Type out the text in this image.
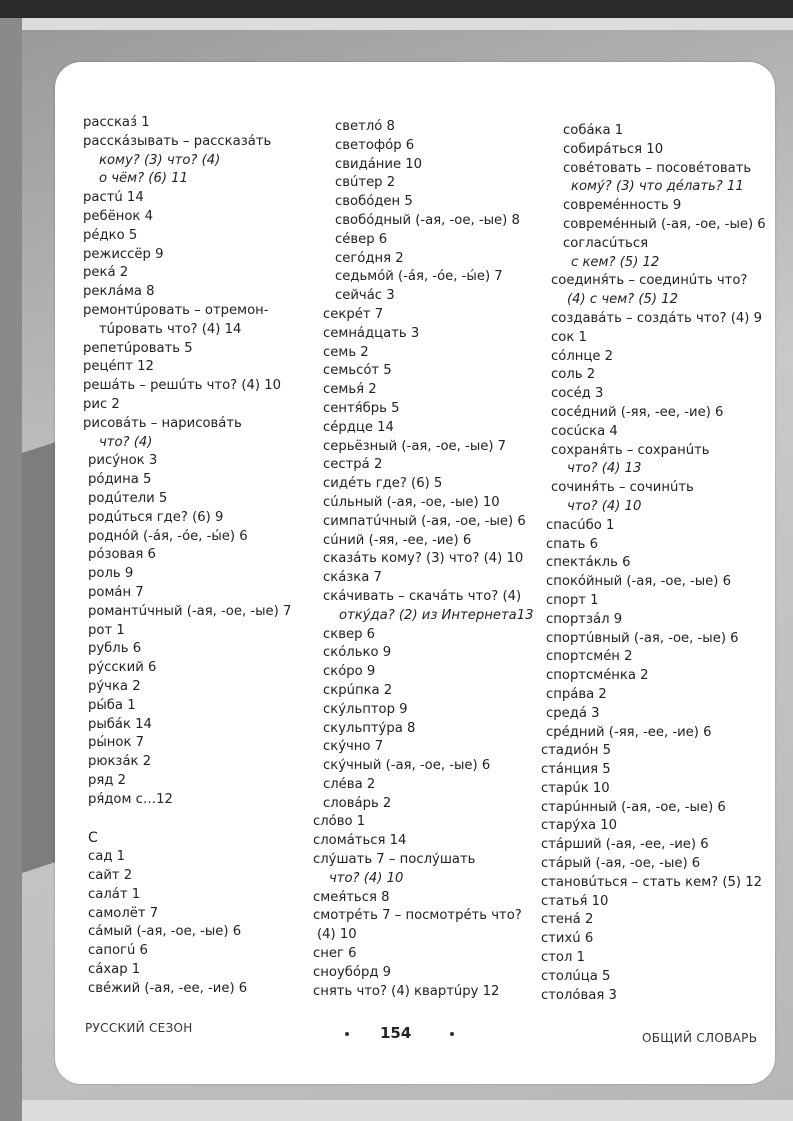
рассказ́ 1
расскáзывать – рассказáть
кому? (3) что? (4)
о чём? (6) 11
растú 14
ребёнок 4
рéдко 5
режиссёр 9
рекá 2
реклáма 8
ремонтúровать – отремон-
тúровать что? (4) 14
репетúровать 5
рецéпт 12
решáть – решúть что? (4) 10
рис 2
рисовáть – нарисовáть
что? (4)
рисýнок 3
рóдина 5
родúтели 5
родúться где? (6) 9
роднóй (-áя, -óе, -ы́е) 6
рóзовая 6
роль 9
ромáн 7
романтúчный (-ая, -ое, -ые) 7
рот 1
рубль 6
рýсский 6
рýчка 2
ры́ба 1
рыбáк 14
ры́нок 7
рюкзáк 2
ряд 2
ря́дом с…12
С
сад 1
сайт 2
салáт 1
самолёт 7
сáмый (-ая, -ое, -ые) 6
сапогú 6
сáхар 1
свéжий (-ая, -ее, -ие) 6
светлó 8
светофóр 6
свидáние 10
свúтер 2
свобóден 5
свобóдный (-ая, -ое, -ые) 8
сéвер 6
сегóдня 2
седьмóй (-áя, -óе, -ы́е) 7
сейчáс 3
секрéт 7
семнáдцать 3
семь 2
семьсóт 5
семья́ 2
сентя́брь 5
сéрдце 14
серьёзный (-ая, -ое, -ые) 7
сестрá 2
сидéть где? (6) 5
сúльный (-ая, -ое, -ые) 10
симпатúчный (-ая, -ое, -ые) 6
сúний (-яя, -ее, -ие) 6
сказáть кому? (3) что? (4) 10
скáзка 7
скáчивать – скачáть что? (4)
откýда? (2) из Интернета13
сквер 6
скóлько 9
скóро 9
скрúпка 2
скýльптор 9
скульптýра 8
скýчно 7
скýчный (-ая, -ое, -ые) 6
слéва 2
словáрь 2
слóво 1
сломáться 14
слýшать 7 – послýшать
что? (4) 10
смея́ться 8
смотрéть 7 – посмотрéть что?
(4) 10
снег 6
сноубóрд 9
снять что? (4) квартúру 12
собáка 1
собирáться 10
совéтовать – посовéтовать
комý? (3) что дéлать? 11
совремéнность 9
совремéнный (-ая, -ое, -ые) 6
согласúться
с кем? (5) 12
соединя́ть – соединúть что?
(4) с чем? (5) 12
создавáть – создáть что? (4) 9
сок 1
сóлнце 2
соль 2
сосéд 3
сосéдний (-яя, -ее, -ие) 6
сосúска 4
сохраня́ть – сохранúть
что? (4) 13
сочиня́ть – сочинúть
что? (4) 10
спасúбо 1
спать 6
спектáкль 6
спокóйный (-ая, -ое, -ые) 6
спорт 1
спортзáл 9
спортúвный (-ая, -ое, -ые) 6
спортсмéн 2
спортсмéнка 2
спрáва 2
средá 3
срéдний (-яя, -ее, -ие) 6
стадиóн 5
стáнция 5
старúк 10
старúнный (-ая, -ое, -ые) 6
старýха 10
стáрший (-ая, -ее, -ие) 6
стáрый (-ая, -ое, -ые) 6
становúться – стать кем? (5) 12
статья́ 10
стенá 2
стихú 6
стол 1
столúца 5
столóвая 3
РУССКИЙ СЕЗОН	154	ОБЩИЙ СЛОВАРЬ
